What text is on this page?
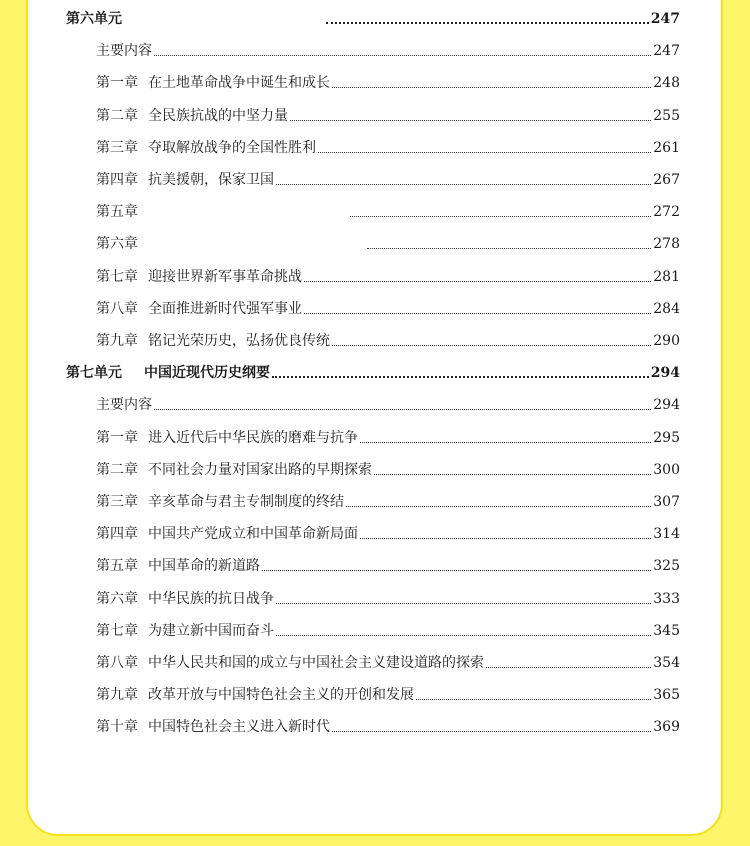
第六单元	247
主要内容	247
第一章 在土地革命战争中诞生和成长	248
第二章 全民族抗战的中坚力量	255
第三章 夺取解放战争的全国性胜利	261
第四章 抗美援朝，保家卫国	267
第五章	272
第六章	278
第七章 迎接世界新军事革命挑战	281
第八章 全面推进新时代强军事业	284
第九章 铭记光荣历史，弘扬优良传统	290
第七单元 中国近现代历史纲要	294
主要内容	294
第一章 进入近代后中华民族的磨难与抗争	295
第二章 不同社会力量对国家出路的早期探索	300
第三章 辛亥革命与君主专制制度的终结	307
第四章 中国共产党成立和中国革命新局面	314
第五章 中国革命的新道路	325
第六章 中华民族的抗日战争	333
第七章 为建立新中国而奋斗	345
第八章 中华人民共和国的成立与中国社会主义建设道路的探索	354
第九章 改革开放与中国特色社会主义的开创和发展	365
第十章 中国特色社会主义进入新时代	369
